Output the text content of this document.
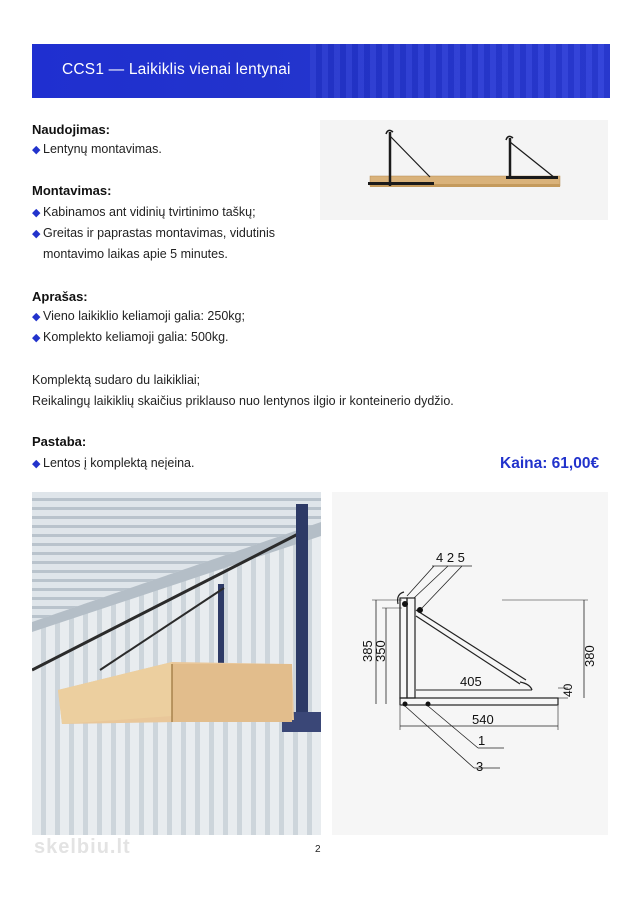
CCS1 — Laikiklis vienai lentynai
Naudojimas:
◆ Lentynų montavimas.
Montavimas:
◆ Kabinamos ant vidinių tvirtinimo taškų;
◆ Greitas ir paprastas montavimas, vidutinis
montavimo laikas apie 5 minutes.
Aprašas:
◆ Vieno laikiklio keliamoji galia: 250kg;
◆ Komplekto keliamoji galia: 500kg.
Komplektą sudaro du laikikliai;
Reikalingų laikiklių skaičius priklauso nuo lentynos ilgio ir konteinerio dydžio.
Pastaba:
◆ Lentos į komplektą neįeina.	Kaina: 61,00€
4 2 5
385
350	380
405
40
540
1
3
skelbiu.lt	2
